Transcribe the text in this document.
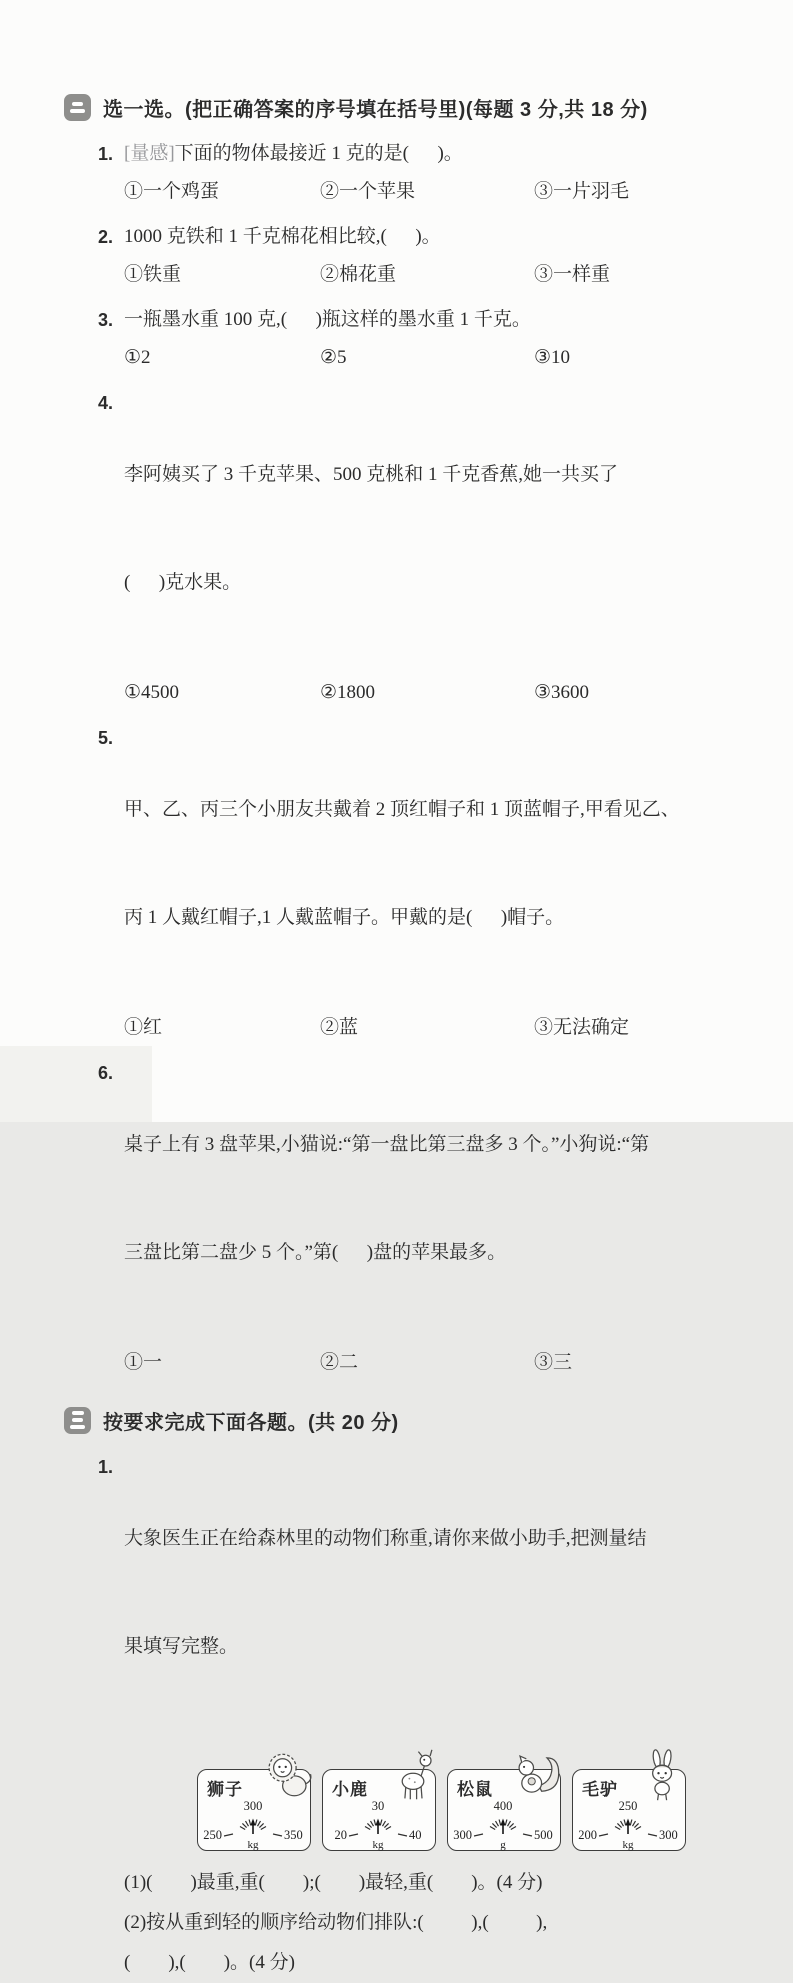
选一选。(把正确答案的序号填在括号里)(每题 3 分,共 18 分)
1. [量感]下面的物体最接近 1 克的是(      )。
①一个鸡蛋	②一个苹果	③一片羽毛
2. 1000 克铁和 1 千克棉花相比较,(      )。
①铁重	②棉花重	③一样重
3. 一瓶墨水重 100 克,(      )瓶这样的墨水重 1 千克。
①2	②5	③10
4.

李阿姨买了 3 千克苹果、500 克桃和 1 千克香蕉,她一共买了

(      )克水果。

①4500	②1800	③3600
5.

甲、乙、丙三个小朋友共戴着 2 顶红帽子和 1 顶蓝帽子,甲看见乙、

丙 1 人戴红帽子,1 人戴蓝帽子。甲戴的是(      )帽子。

①红	②蓝	③无法确定
6.

桌子上有 3 盘苹果,小猫说:“第一盘比第三盘多 3 个。”小狗说:“第

三盘比第二盘少 5 个。”第(      )盘的苹果最多。

①一	②二	③三
按要求完成下面各题。(共 20 分)
1.

大象医生正在给森林里的动物们称重,请你来做小助手,把测量结

果填写完整。

狮子
300
250	350
kg
小鹿
30
20	40
kg
松鼠
400
300	500
g
毛驴
250
200	300
kg
(1)(        )最重,重(        );(        )最轻,重(        )。(4 分)
(2)按从重到轻的顺序给动物们排队:(          ),(          ),
(        ),(        )。(4 分)
